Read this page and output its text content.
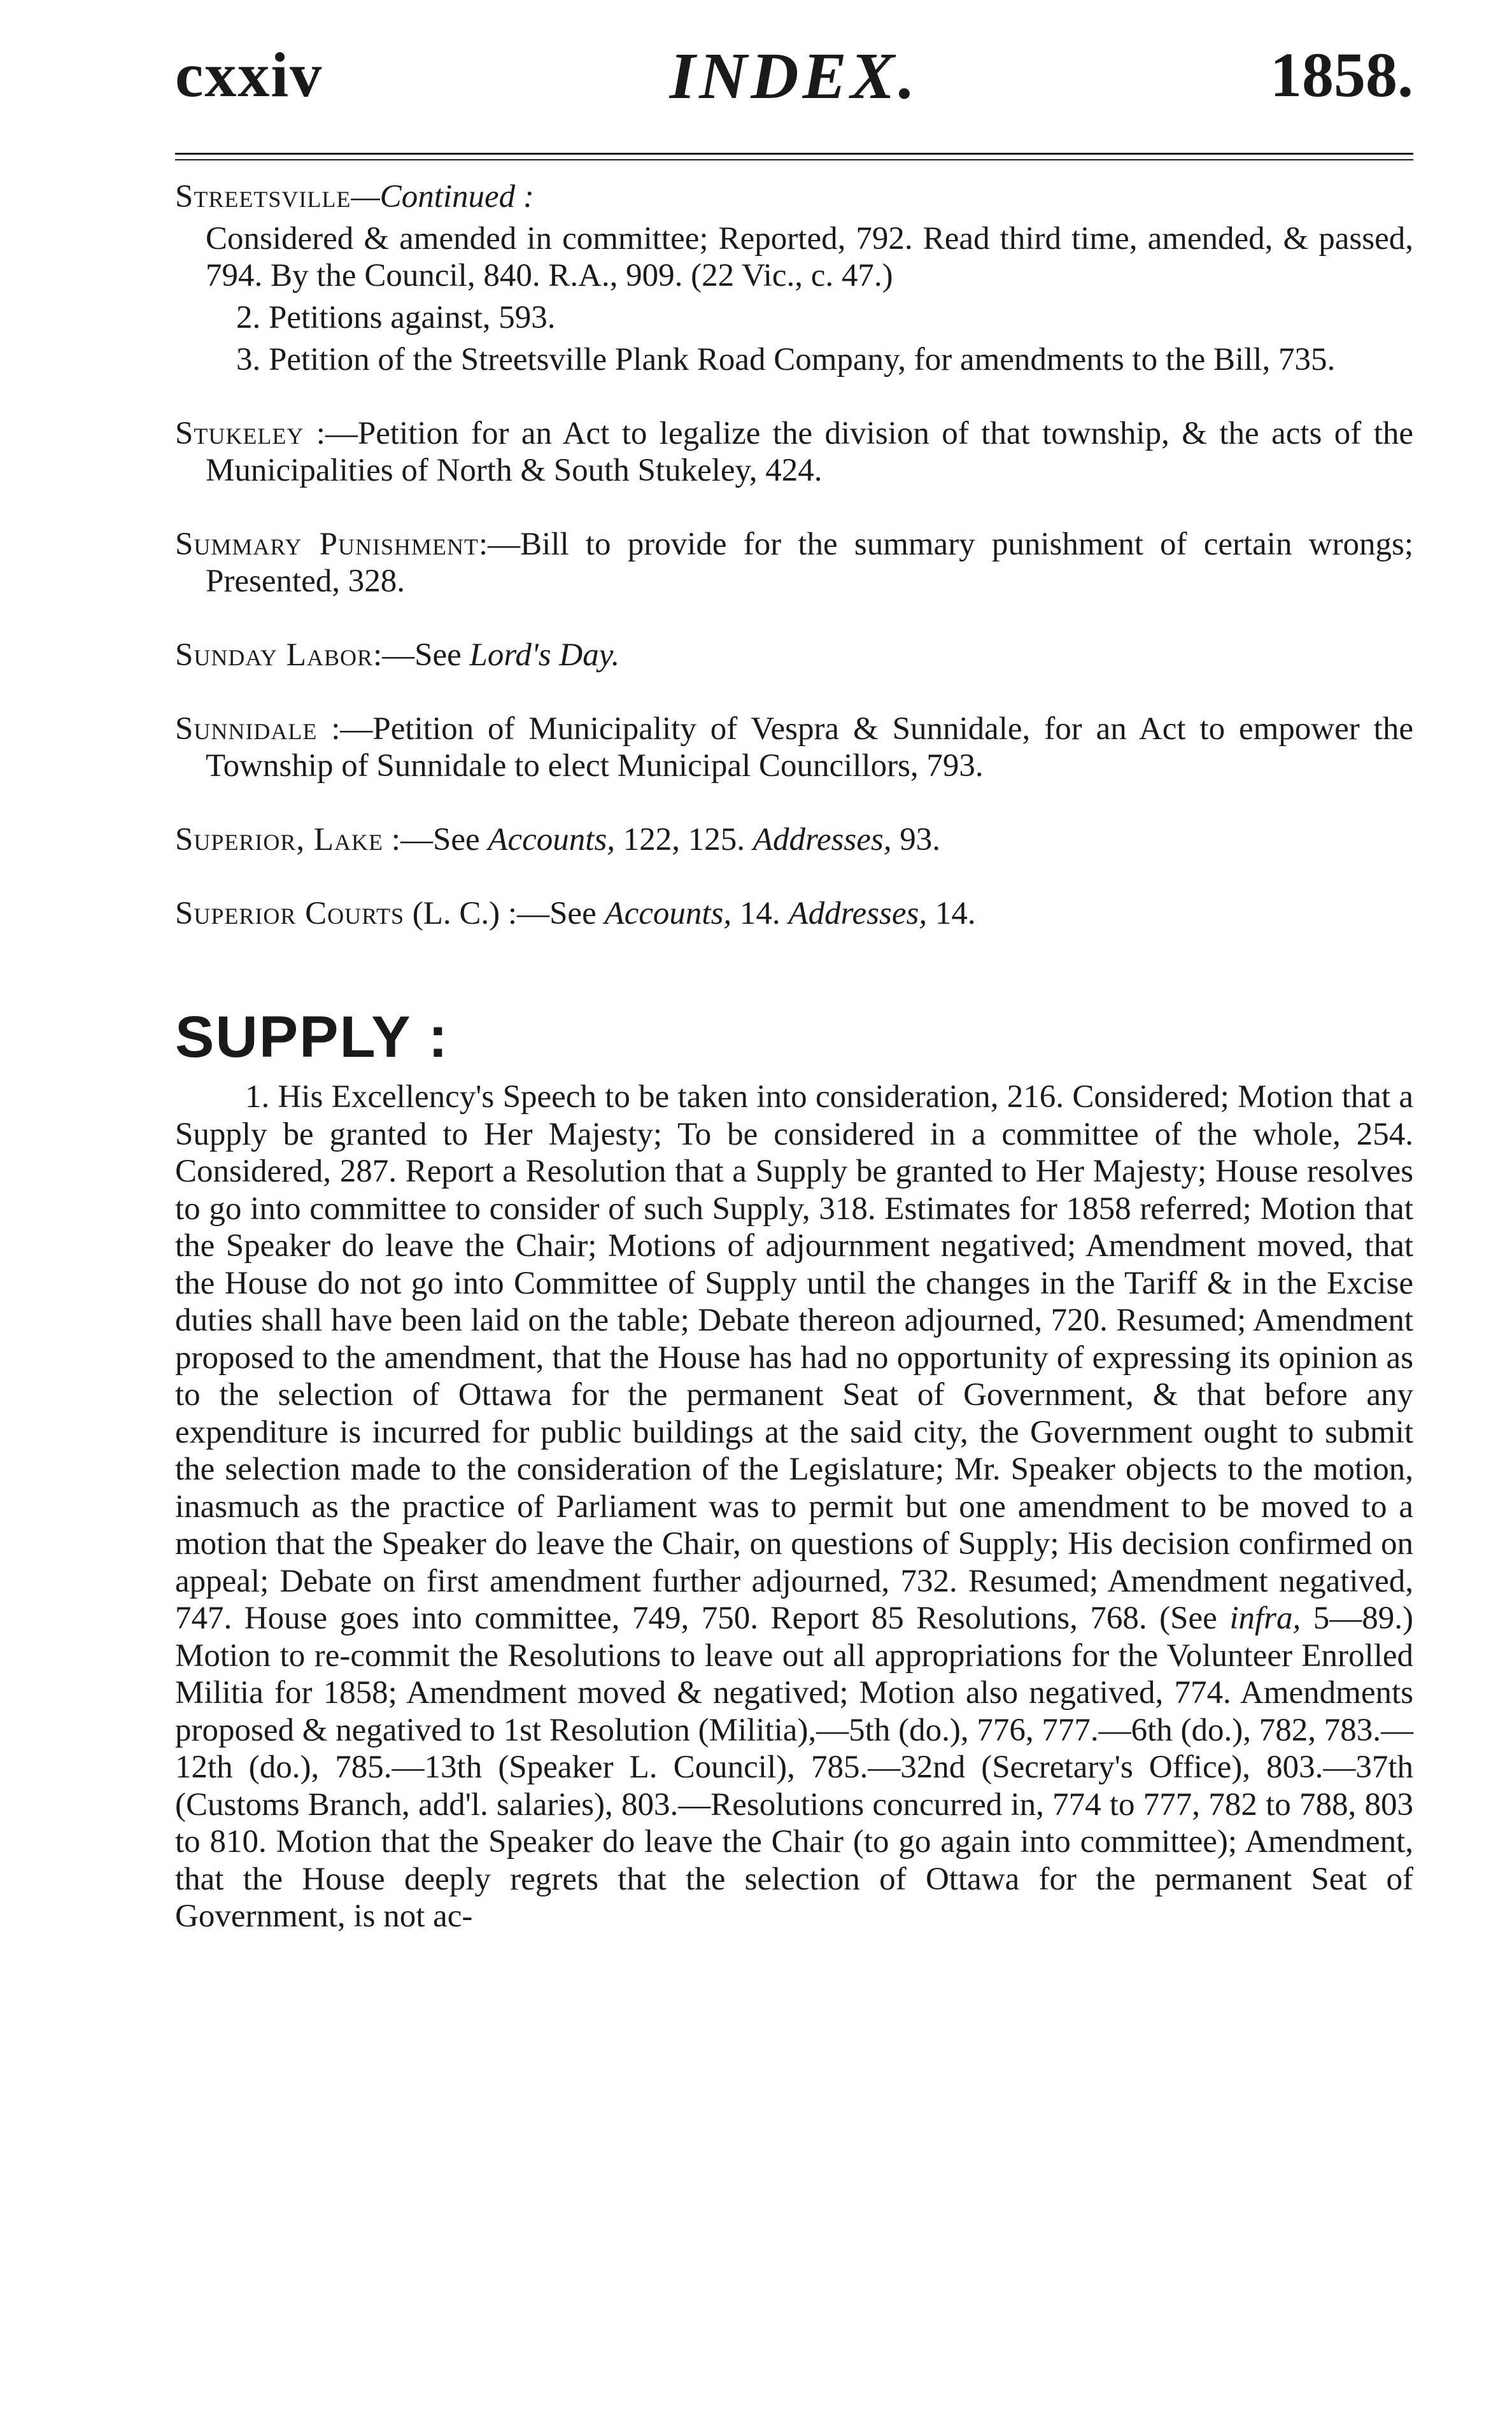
cxxiv	INDEX.	1858.
Streetsville—Continued :

Considered & amended in committee; Reported, 792. Read third time, amended, & passed, 794. By the Council, 840. R.A., 909. (22 Vic., c. 47.)

2. Petitions against, 593.

3. Petition of the Streetsville Plank Road Company, for amendments to the Bill, 735.

Stukeley :—Petition for an Act to legalize the division of that township, & the acts of the Municipalities of North & South Stukeley, 424.

Summary Punishment:—Bill to provide for the summary punishment of certain wrongs; Presented, 328.

Sunday Labor:—See Lord's Day.

Sunnidale :—Petition of Municipality of Vespra & Sunnidale, for an Act to empower the Township of Sunnidale to elect Municipal Councillors, 793.

Superior, Lake :—See Accounts, 122, 125. Addresses, 93.

Superior Courts (L. C.) :—See Accounts, 14. Addresses, 14.

SUPPLY :

1. His Excellency's Speech to be taken into consideration, 216. Considered; Motion that a Supply be granted to Her Majesty; To be considered in a committee of the whole, 254. Considered, 287. Report a Resolution that a Supply be granted to Her Majesty; House resolves to go into committee to consider of such Supply, 318. Estimates for 1858 referred; Motion that the Speaker do leave the Chair; Motions of adjournment negatived; Amendment moved, that the House do not go into Committee of Supply until the changes in the Tariff & in the Excise duties shall have been laid on the table; Debate thereon adjourned, 720. Resumed; Amendment proposed to the amendment, that the House has had no opportunity of expressing its opinion as to the selection of Ottawa for the permanent Seat of Government, & that before any expenditure is incurred for public buildings at the said city, the Government ought to submit the selection made to the consideration of the Legislature; Mr. Speaker objects to the motion, inasmuch as the practice of Parliament was to permit but one amendment to be moved to a motion that the Speaker do leave the Chair, on questions of Supply; His decision confirmed on appeal; Debate on first amendment further adjourned, 732. Resumed; Amendment negatived, 747. House goes into committee, 749, 750. Report 85 Resolutions, 768. (See infra, 5—89.) Motion to re-commit the Resolutions to leave out all appropriations for the Volunteer Enrolled Militia for 1858; Amendment moved & negatived; Motion also negatived, 774. Amendments proposed & negatived to 1st Resolution (Militia),—5th (do.), 776, 777.—6th (do.), 782, 783.—12th (do.), 785.—13th (Speaker L. Council), 785.—32nd (Secretary's Office), 803.—37th (Customs Branch, add'l. salaries), 803.—Resolutions concurred in, 774 to 777, 782 to 788, 803 to 810. Motion that the Speaker do leave the Chair (to go again into committee); Amendment, that the House deeply regrets that the selection of Ottawa for the permanent Seat of Government, is not ac-
